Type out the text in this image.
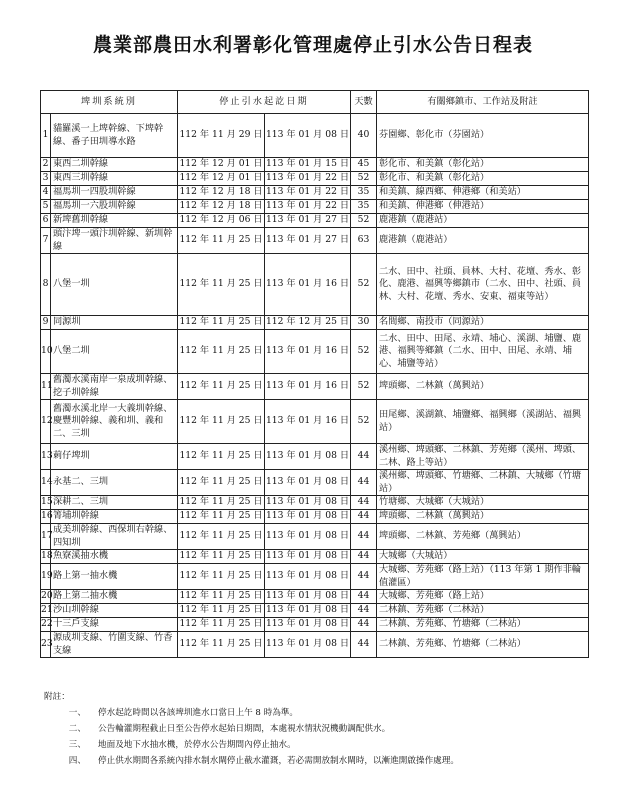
農業部農田水利署彰化管理處停止引水公告日程表
埤圳系統別		停止引水起訖日期		天數	有關鄉鎮市、工作站及附註
1	貓羅溪一上埤幹線、下埤幹線、番子田圳導水路	112 年 11 月 29 日	113 年 01 月 08 日	40	芬園鄉、彰化市（芬園站）
2	東西二圳幹線	112 年 12 月 01 日	113 年 01 月 15 日	45	彰化市、和美鎮（彰化站）
3	東西三圳幹線	112 年 12 月 01 日	113 年 01 月 22 日	52	彰化市、和美鎮（彰化站）
4	福馬圳一四股圳幹線	112 年 12 月 18 日	113 年 01 月 22 日	35	和美鎮、線西鄉、伸港鄉（和美站）
5	福馬圳一六股圳幹線	112 年 12 月 18 日	113 年 01 月 22 日	35	和美鎮、伸港鄉（伸港站）
6	新埤舊圳幹線	112 年 12 月 06 日	113 年 01 月 27 日	52	鹿港鎮（鹿港站）
7	頭汴埤一頭汴圳幹線、新圳幹線	112 年 11 月 25 日	113 年 01 月 27 日	63	鹿港鎮（鹿港站）
8	八堡一圳	112 年 11 月 25 日	113 年 01 月 16 日	52	二水、田中、社頭、員林、大村、花壇、秀水、彰化、鹿港、福興等鄉鎮市（二水、田中、社頭、員林、大村、花壇、秀水、安東、福東等站）
9	同源圳	112 年 11 月 25 日	112 年 12 月 25 日	30	名間鄉、南投市（同源站）
10	八堡二圳	112 年 11 月 25 日	113 年 01 月 16 日	52	二水、田中、田尾、永靖、埔心、溪湖、埔鹽、鹿港、福興等鄉鎮（二水、田中、田尾、永靖、埔心、埔鹽等站）
11	舊濁水溪南岸一泉成圳幹線、挖子圳幹線	112 年 11 月 25 日	113 年 01 月 16 日	52	埤頭鄉、二林鎮（萬興站）
12	舊濁水溪北岸一大義圳幹線、慶豐圳幹線、義和圳、義和二、三圳	112 年 11 月 25 日	113 年 01 月 16 日	52	田尾鄉、溪湖鎮、埔鹽鄉、福興鄉（溪湖站、福興站）
13	莿仔埤圳	112 年 11 月 25 日	113 年 01 月 08 日	44	溪州鄉、埤頭鄉、二林鎮、芳苑鄉（溪州、埤頭、二林、路上等站）
14	永基二、三圳	112 年 11 月 25 日	113 年 01 月 08 日	44	溪州鄉、埤頭鄉、竹塘鄉、二林鎮、大城鄉（竹塘站）
15	深耕二、三圳	112 年 11 月 25 日	113 年 01 月 08 日	44	竹塘鄉、大城鄉（大城站）
16	箐埔圳幹線	112 年 11 月 25 日	113 年 01 月 08 日	44	埤頭鄉、二林鎮（萬興站）
17	成美圳幹線、西保圳右幹線、四知圳	112 年 11 月 25 日	113 年 01 月 08 日	44	埤頭鄉、二林鎮、芳苑鄉（萬興站）
18	魚寮溪抽水機	112 年 11 月 25 日	113 年 01 月 08 日	44	大城鄉（大城站）
19	路上第一抽水機	112 年 11 月 25 日	113 年 01 月 08 日	44	大城鄉、芳苑鄉（路上站）（113 年第 1 期作非輪值灌區）
20	路上第二抽水機	112 年 11 月 25 日	113 年 01 月 08 日	44	大城鄉、芳苑鄉（路上站）
21	沙山圳幹線	112 年 11 月 25 日	113 年 01 月 08 日	44	二林鎮、芳苑鄉（二林站）
22	十三戶支線	112 年 11 月 25 日	113 年 01 月 08 日	44	二林鎮、芳苑鄉、竹塘鄉（二林站）
23	源成圳支線、竹圍支線、竹香支線	112 年 11 月 25 日	113 年 01 月 08 日	44	二林鎮、芳苑鄉、竹塘鄉（二林站）
附註：
一、	停水起訖時間以各該埤圳進水口當日上午 8 時為準。
二、	公告輪灌期程截止日至公告停水起始日期間，本處視水情狀況機動調配供水。
三、	地面及地下水抽水機，於停水公告期間內停止抽水。
四、	停止供水期間各系統內排水制水閘停止截水灌溉，若必需開放制水閘時，以漸進開啟操作處理。
